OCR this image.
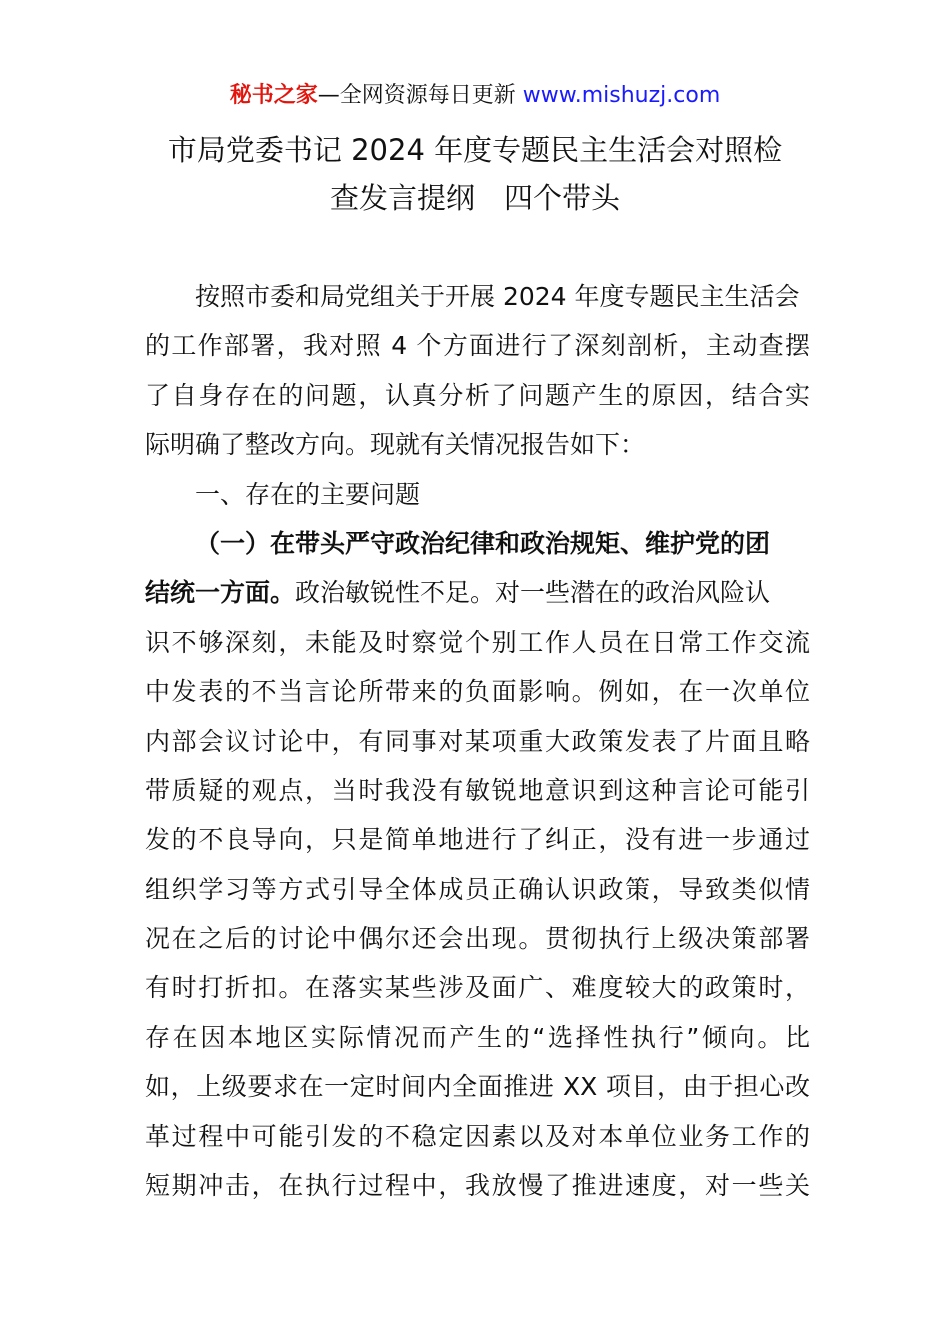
秘书之家—全网资源每日更新 www.mishuzj.com
市局党委书记 2024 年度专题民主生活会对照检
查发言提纲　四个带头
按照市委和局党组关于开展 2024 年度专题民主生活会
的工作部署，我对照 4 个方面进行了深刻剖析，主动查摆
了自身存在的问题，认真分析了问题产生的原因，结合实
际明确了整改方向。现就有关情况报告如下：
一、存在的主要问题
（一）在带头严守政治纪律和政治规矩、维护党的团
结统一方面。政治敏锐性不足。对一些潜在的政治风险认
识不够深刻，未能及时察觉个别工作人员在日常工作交流
中发表的不当言论所带来的负面影响。例如，在一次单位
内部会议讨论中，有同事对某项重大政策发表了片面且略
带质疑的观点，当时我没有敏锐地意识到这种言论可能引
发的不良导向，只是简单地进行了纠正，没有进一步通过
组织学习等方式引导全体成员正确认识政策，导致类似情
况在之后的讨论中偶尔还会出现。贯彻执行上级决策部署
有时打折扣。在落实某些涉及面广、难度较大的政策时，
存在因本地区实际情况而产生的“选择性执行”倾向。比
如，上级要求在一定时间内全面推进 XX 项目，由于担心改
革过程中可能引发的不稳定因素以及对本单位业务工作的
短期冲击，在执行过程中，我放慢了推进速度，对一些关
